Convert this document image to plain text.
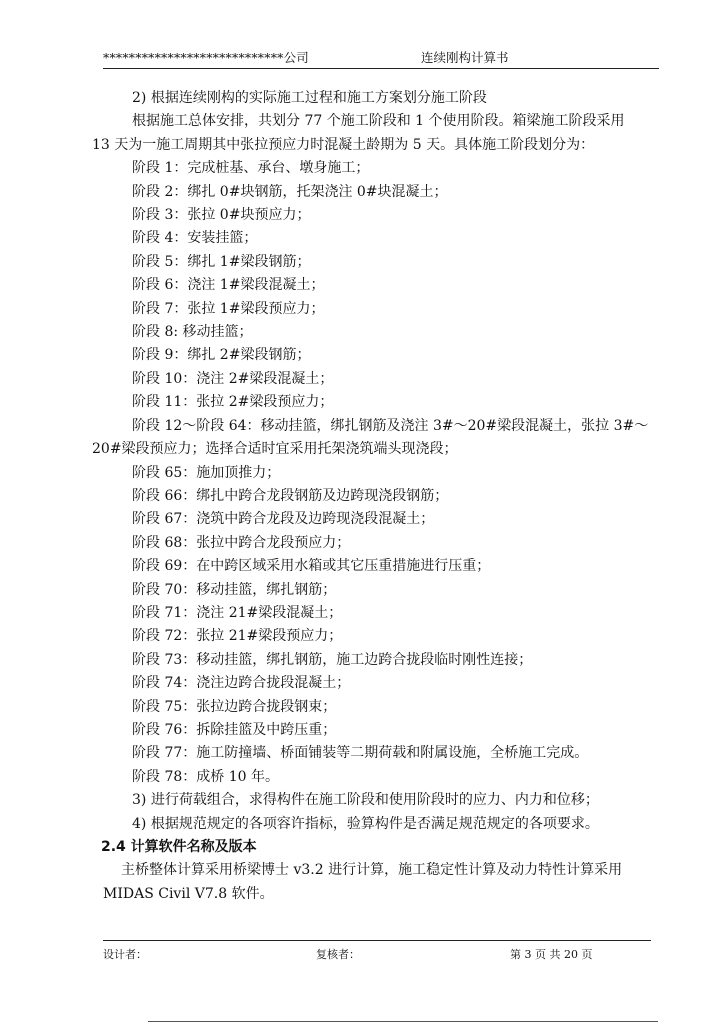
****************************公司	连续刚构计算书
2) 根据连续刚构的实际施工过程和施工方案划分施工阶段
根据施工总体安排，共划分 77 个施工阶段和 1 个使用阶段。箱梁施工阶段采用
13 天为一施工周期其中张拉预应力时混凝土龄期为 5 天。具体施工阶段划分为：
阶段 1：完成桩基、承台、墩身施工；
阶段 2：绑扎 0#块钢筋，托架浇注 0#块混凝土；
阶段 3：张拉 0#块预应力；
阶段 4：安装挂篮；
阶段 5：绑扎 1#梁段钢筋；
阶段 6：浇注 1#梁段混凝土；
阶段 7：张拉 1#梁段预应力；
阶段 8: 移动挂篮；
阶段 9：绑扎 2#梁段钢筋；
阶段 10：浇注 2#梁段混凝土；
阶段 11：张拉 2#梁段预应力；
阶段 12～阶段 64：移动挂篮，绑扎钢筋及浇注 3#～20#梁段混凝土，张拉 3#～
20#梁段预应力；选择合适时宜采用托架浇筑端头现浇段；
阶段 65：施加顶推力；
阶段 66：绑扎中跨合龙段钢筋及边跨现浇段钢筋；
阶段 67：浇筑中跨合龙段及边跨现浇段混凝土；
阶段 68：张拉中跨合龙段预应力；
阶段 69：在中跨区域采用水箱或其它压重措施进行压重；
阶段 70：移动挂篮，绑扎钢筋；
阶段 71：浇注 21#梁段混凝土；
阶段 72：张拉 21#梁段预应力；
阶段 73：移动挂篮，绑扎钢筋，施工边跨合拢段临时刚性连接；
阶段 74：浇注边跨合拢段混凝土；
阶段 75：张拉边跨合拢段钢束；
阶段 76：拆除挂篮及中跨压重；
阶段 77：施工防撞墙、桥面铺装等二期荷载和附属设施，全桥施工完成。
阶段 78：成桥 10 年。
3) 进行荷载组合，求得构件在施工阶段和使用阶段时的应力、内力和位移；
4) 根据规范规定的各项容许指标，验算构件是否满足规范规定的各项要求。
2.4 计算软件名称及版本
主桥整体计算采用桥梁博士 v3.2 进行计算，施工稳定性计算及动力特性计算采用
MIDAS Civil V7.8 软件。
设计者：	复核者：	第 3 页 共 20 页
